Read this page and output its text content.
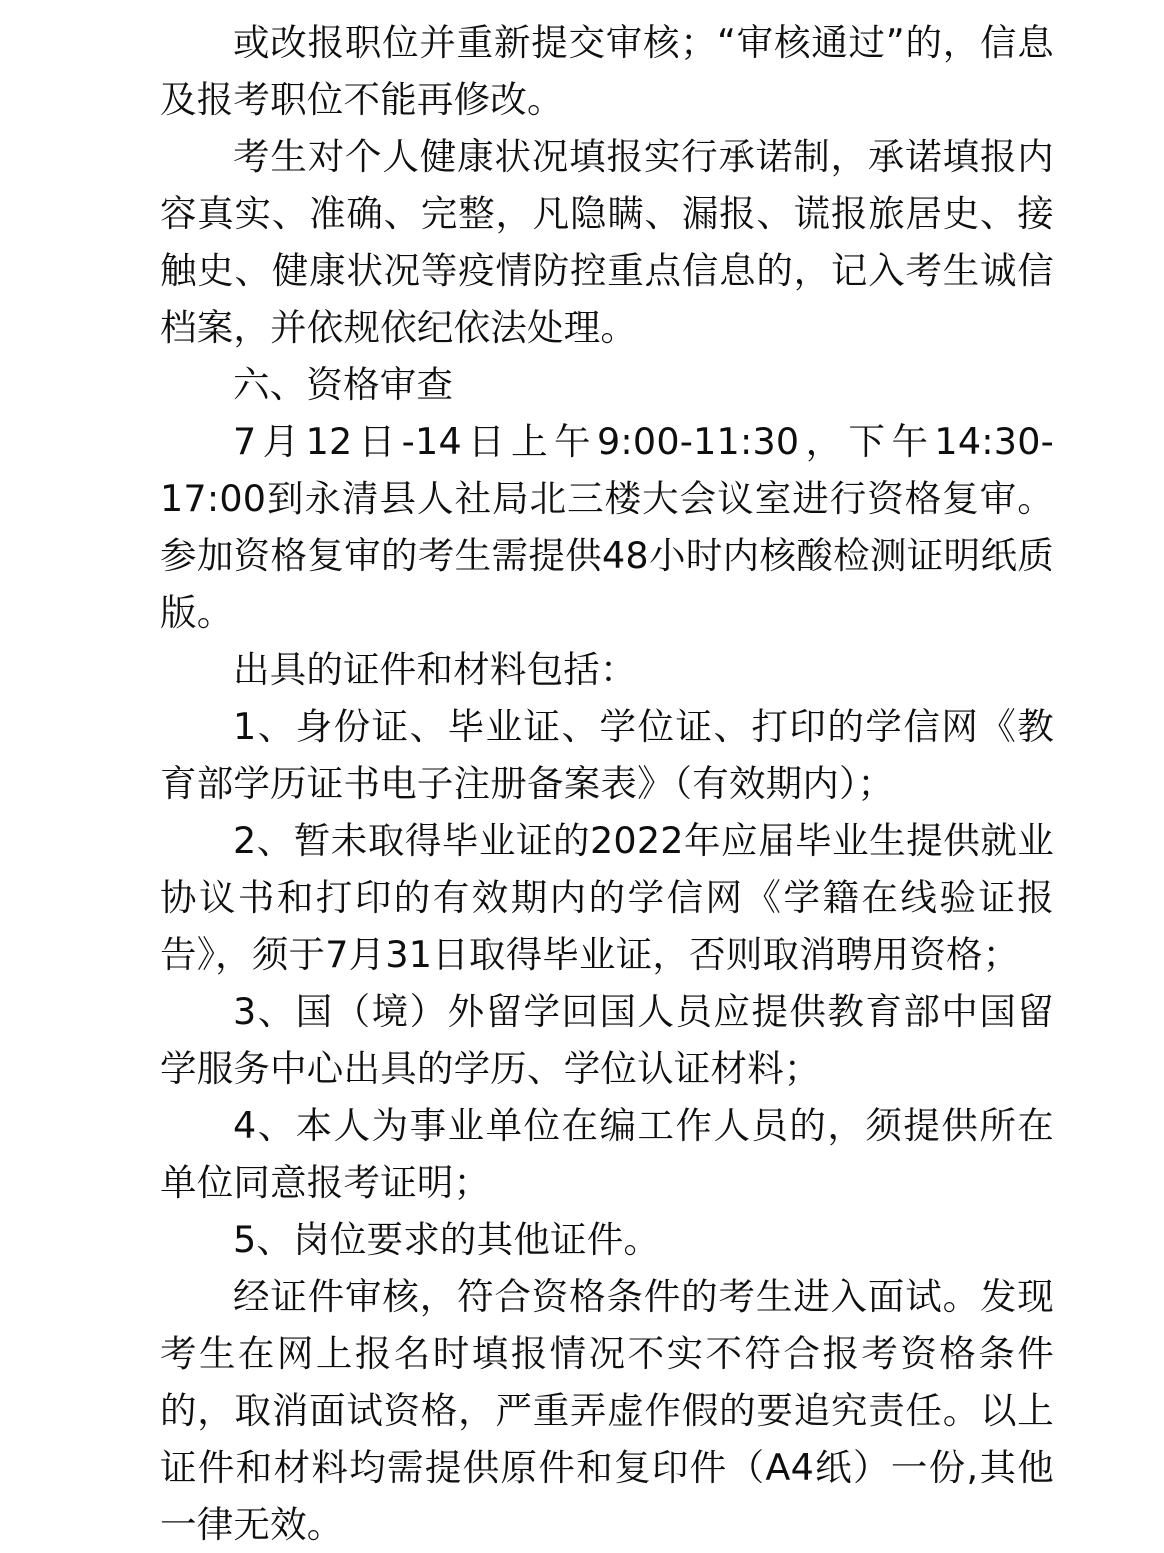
或改报职位并重新提交审核；“审核通过”的，信息及报考职位不能再修改。

考生对个人健康状况填报实行承诺制，承诺填报内容真实、准确、完整，凡隐瞒、漏报、谎报旅居史、接触史、健康状况等疫情防控重点信息的，记入考生诚信档案，并依规依纪依法处理。

六、资格审查

7月12日-14日上午9:00-11:30，下午14:30-17:00到永清县人社局北三楼大会议室进行资格复审。参加资格复审的考生需提供48小时内核酸检测证明纸质版。

出具的证件和材料包括：

1、身份证、毕业证、学位证、打印的学信网《教育部学历证书电子注册备案表》（有效期内）；

2、暂未取得毕业证的2022年应届毕业生提供就业协议书和打印的有效期内的学信网《学籍在线验证报告》，须于7月31日取得毕业证，否则取消聘用资格；

3、国（境）外留学回国人员应提供教育部中国留学服务中心出具的学历、学位认证材料；

4、本人为事业单位在编工作人员的，须提供所在单位同意报考证明；

5、岗位要求的其他证件。

经证件审核，符合资格条件的考生进入面试。发现考生在网上报名时填报情况不实不符合报考资格条件的，取消面试资格，严重弄虚作假的要追究责任。以上证件和材料均需提供原件和复印件（A4纸）一份,其他一律无效。
